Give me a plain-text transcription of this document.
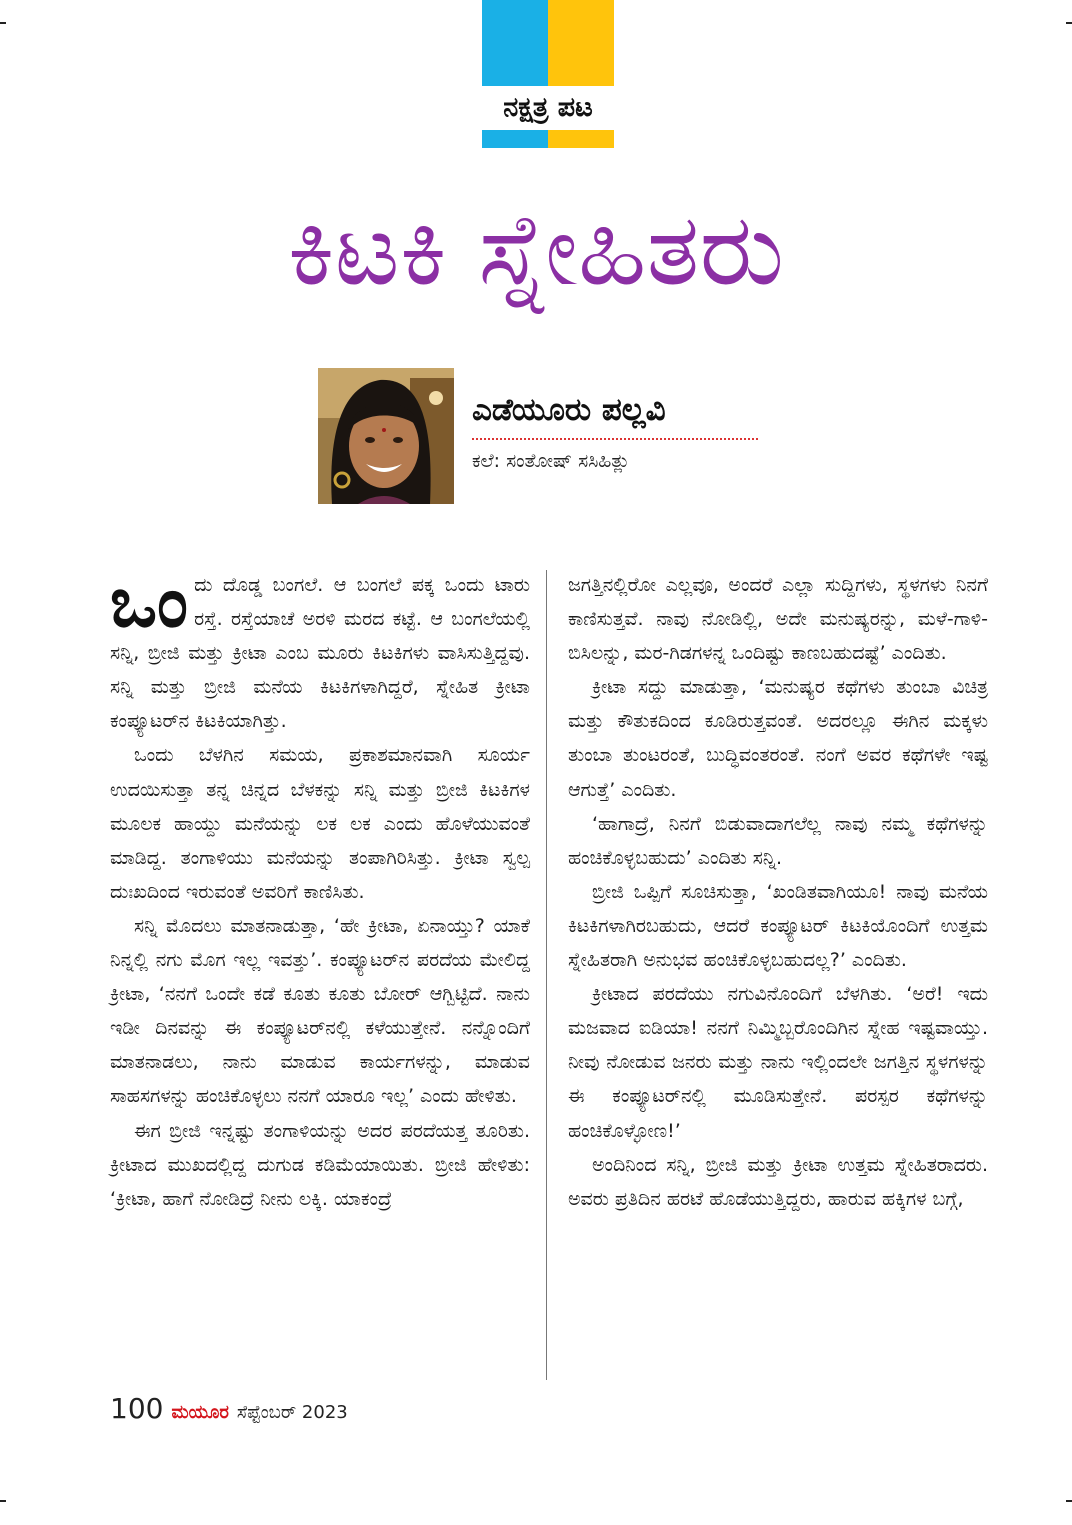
ನಕ್ಷತ್ರ ಪಟ
ಕಿಟಕಿ ಸ್ನೇಹಿತರು
ಎಡೆಯೂರು ಪಲ್ಲವಿ
ಕಲೆ: ಸಂತೋಷ್ ಸಸಿಹಿತ್ಲು

ಒಂದು ದೊಡ್ಡ ಬಂಗಲೆ. ಆ ಬಂಗಲೆ ಪಕ್ಕ ಒಂದು ಟಾರು ರಸ್ತೆ. ರಸ್ತೆಯಾಚೆ ಅರಳಿ ಮರದ ಕಟ್ಟೆ. ಆ ಬಂಗಲೆಯಲ್ಲಿ ಸನ್ನಿ, ಬ್ರೀಜಿ ಮತ್ತು ಕ್ರೀಟಾ ಎಂಬ ಮೂರು ಕಿಟಕಿಗಳು ವಾಸಿಸುತ್ತಿದ್ದವು. ಸನ್ನಿ ಮತ್ತು ಬ್ರೀಜಿ ಮನೆಯ ಕಿಟಕಿಗಳಾಗಿದ್ದರೆ, ಸ್ನೇಹಿತ ಕ್ರೀಟಾ ಕಂಪ್ಯೂಟರ್‌ನ ಕಿಟಕಿಯಾಗಿತ್ತು.

ಒಂದು ಬೆಳಗಿನ ಸಮಯ, ಪ್ರಕಾಶಮಾನವಾಗಿ ಸೂರ್ಯ ಉದಯಿಸುತ್ತಾ ತನ್ನ ಚಿನ್ನದ ಬೆಳಕನ್ನು ಸನ್ನಿ ಮತ್ತು ಬ್ರೀಜಿ ಕಿಟಕಿಗಳ ಮೂಲಕ ಹಾಯ್ದು ಮನೆಯನ್ನು ಲಕ ಲಕ ಎಂದು ಹೊಳೆಯುವಂತೆ ಮಾಡಿದ್ದ. ತಂಗಾಳಿಯು ಮನೆಯನ್ನು ತಂಪಾಗಿರಿಸಿತ್ತು. ಕ್ರೀಟಾ ಸ್ವಲ್ಪ ದುಃಖದಿಂದ ಇರುವಂತೆ ಅವರಿಗೆ ಕಾಣಿಸಿತು.

ಸನ್ನಿ ಮೊದಲು ಮಾತನಾಡುತ್ತಾ, ‘ಹೇ ಕ್ರೀಟಾ, ಏನಾಯ್ತು? ಯಾಕೆ ನಿನ್ನಲ್ಲಿ ನಗು ಮೊಗ ಇಲ್ಲ ಇವತ್ತು’. ಕಂಪ್ಯೂಟರ್‌ನ ಪರದೆಯ ಮೇಲಿದ್ದ ಕ್ರೀಟಾ, ‘ನನಗೆ ಒಂದೇ ಕಡೆ ಕೂತು ಕೂತು ಬೋರ್ ಆಗ್ಬಿಟ್ಟಿದೆ. ನಾನು ಇಡೀ ದಿನವನ್ನು ಈ ಕಂಪ್ಯೂಟರ್‌ನಲ್ಲಿ ಕಳೆಯುತ್ತೇನೆ. ನನ್ನೊಂದಿಗೆ ಮಾತನಾಡಲು, ನಾನು ಮಾಡುವ ಕಾರ್ಯಗಳನ್ನು, ಮಾಡುವ ಸಾಹಸಗಳನ್ನು ಹಂಚಿಕೊಳ್ಳಲು ನನಗೆ ಯಾರೂ ಇಲ್ಲ’ ಎಂದು ಹೇಳಿತು.

ಈಗ ಬ್ರೀಜಿ ಇನ್ನಷ್ಟು ತಂಗಾಳಿಯನ್ನು ಅದರ ಪರದೆಯತ್ತ ತೂರಿತು. ಕ್ರೀಟಾದ ಮುಖದಲ್ಲಿದ್ದ ದುಗುಡ ಕಡಿಮೆಯಾಯಿತು. ಬ್ರೀಜಿ ಹೇಳಿತು: ‘ಕ್ರೀಟಾ, ಹಾಗೆ ನೋಡಿದ್ರೆ ನೀನು ಲಕ್ಕಿ. ಯಾಕಂದ್ರೆ

ಜಗತ್ತಿನಲ್ಲಿರೋ ಎಲ್ಲವೂ, ಅಂದರೆ ಎಲ್ಲಾ ಸುದ್ದಿಗಳು, ಸ್ಥಳಗಳು ನಿನಗೆ ಕಾಣಿಸುತ್ತವೆ. ನಾವು ನೋಡಿಲ್ಲಿ, ಅದೇ ಮನುಷ್ಯರನ್ನು, ಮಳೆ-ಗಾಳಿ-ಬಿಸಿಲನ್ನು, ಮರ-ಗಿಡಗಳನ್ನ ಒಂದಿಷ್ಟು ಕಾಣಬಹುದಷ್ಟೆ’ ಎಂದಿತು.

ಕ್ರೀಟಾ ಸದ್ದು ಮಾಡುತ್ತಾ, ‘ಮನುಷ್ಯರ ಕಥೆಗಳು ತುಂಬಾ ವಿಚಿತ್ರ ಮತ್ತು ಕೌತುಕದಿಂದ ಕೂಡಿರುತ್ತವಂತೆ. ಅದರಲ್ಲೂ ಈಗಿನ ಮಕ್ಕಳು ತುಂಬಾ ತುಂಟರಂತೆ, ಬುದ್ಧಿವಂತರಂತೆ. ನಂಗೆ ಅವರ ಕಥೆಗಳೇ ಇಷ್ಟ ಆಗುತ್ತೆ’ ಎಂದಿತು.

‘ಹಾಗಾದ್ರೆ, ನಿನಗೆ ಬಿಡುವಾದಾಗಲೆಲ್ಲ ನಾವು ನಮ್ಮ ಕಥೆಗಳನ್ನು ಹಂಚಿಕೊಳ್ಳಬಹುದು’ ಎಂದಿತು ಸನ್ನಿ.

ಬ್ರೀಜಿ ಒಪ್ಪಿಗೆ ಸೂಚಿಸುತ್ತಾ, ‘ಖಂಡಿತವಾಗಿಯೂ! ನಾವು ಮನೆಯ ಕಿಟಕಿಗಳಾಗಿರಬಹುದು, ಆದರೆ ಕಂಪ್ಯೂಟರ್ ಕಿಟಕಿಯೊಂದಿಗೆ ಉತ್ತಮ ಸ್ನೇಹಿತರಾಗಿ ಅನುಭವ ಹಂಚಿಕೊಳ್ಳಬಹುದಲ್ಲ?’ ಎಂದಿತು.

ಕ್ರೀಟಾದ ಪರದೆಯು ನಗುವಿನೊಂದಿಗೆ ಬೆಳಗಿತು. ‘ಅರೆ! ಇದು ಮಜವಾದ ಐಡಿಯಾ! ನನಗೆ ನಿಮ್ಮಿಬ್ಬರೊಂದಿಗಿನ ಸ್ನೇಹ ಇಷ್ಟವಾಯ್ತು. ನೀವು ನೋಡುವ ಜನರು ಮತ್ತು ನಾನು ಇಲ್ಲಿಂದಲೇ ಜಗತ್ತಿನ ಸ್ಥಳಗಳನ್ನು ಈ ಕಂಪ್ಯೂಟರ್‌ನಲ್ಲಿ ಮೂಡಿಸುತ್ತೇನೆ. ಪರಸ್ಪರ ಕಥೆಗಳನ್ನು ಹಂಚಿಕೊಳ್ಳೋಣ!’

ಅಂದಿನಿಂದ ಸನ್ನಿ, ಬ್ರೀಜಿ ಮತ್ತು ಕ್ರೀಟಾ ಉತ್ತಮ ಸ್ನೇಹಿತರಾದರು. ಅವರು ಪ್ರತಿದಿನ ಹರಟೆ ಹೊಡೆಯುತ್ತಿದ್ದರು, ಹಾರುವ ಹಕ್ಕಿಗಳ ಬಗ್ಗೆ,

100 ಮಯೂರ ಸೆಪ್ಟೆಂಬರ್ 2023
